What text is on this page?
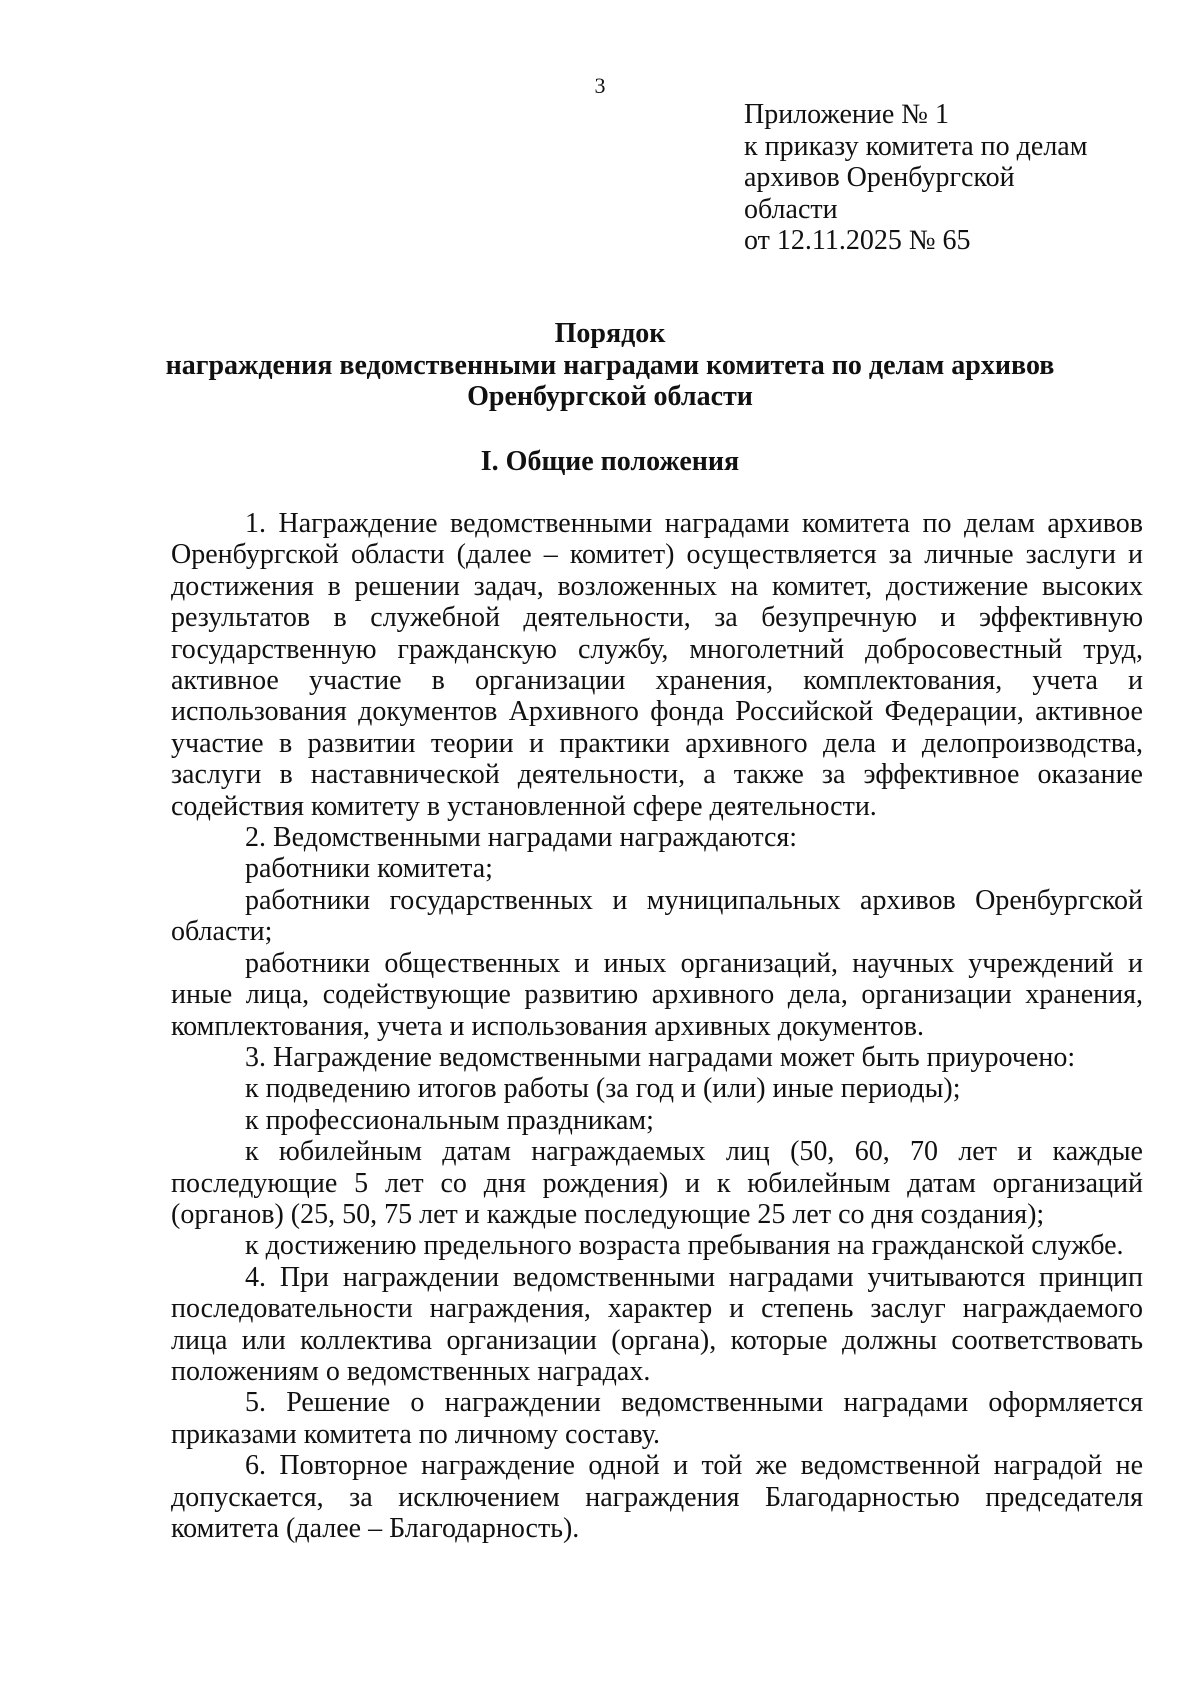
3
Приложение № 1
к приказу комитета по делам
архивов Оренбургской
области
от 12.11.2025 № 65
Порядок
награждения ведомственными наградами комитета по делам архивов
Оренбургской области
I. Общие положения

1. Награждение ведомственными наградами комитета по делам архивов Оренбургской области (далее – комитет) осуществляется за личные заслуги и достижения в решении задач, возложенных на комитет, достижение высоких результатов в служебной деятельности, за безупречную и эффективную государственную гражданскую службу, многолетний добросовестный труд, активное участие в организации хранения, комплектования, учета и использования документов Архивного фонда Российской Федерации, активное участие в развитии теории и практики архивного дела и делопроизводства, заслуги в наставнической деятельности, а также за эффективное оказание содействия комитету в установленной сфере деятельности.

2. Ведомственными наградами награждаются:

работники комитета;

работники государственных и муниципальных архивов Оренбургской области;

работники общественных и иных организаций, научных учреждений и иные лица, содействующие развитию архивного дела, организации хранения, комплектования, учета и использования архивных документов.

3. Награждение ведомственными наградами может быть приурочено:

к подведению итогов работы (за год и (или) иные периоды);

к профессиональным праздникам;

к юбилейным датам награждаемых лиц (50, 60, 70 лет и каждые последующие 5 лет со дня рождения) и к юбилейным датам организаций (органов) (25, 50, 75 лет и каждые последующие 25 лет со дня создания);

к достижению предельного возраста пребывания на гражданской службе.

4. При награждении ведомственными наградами учитываются принцип последовательности награждения, характер и степень заслуг награждаемого лица или коллектива организации (органа), которые должны соответствовать положениям о ведомственных наградах.

5. Решение о награждении ведомственными наградами оформляется приказами комитета по личному составу.

6. Повторное награждение одной и той же ведомственной наградой не допускается, за исключением награждения Благодарностью председателя комитета (далее – Благодарность).
